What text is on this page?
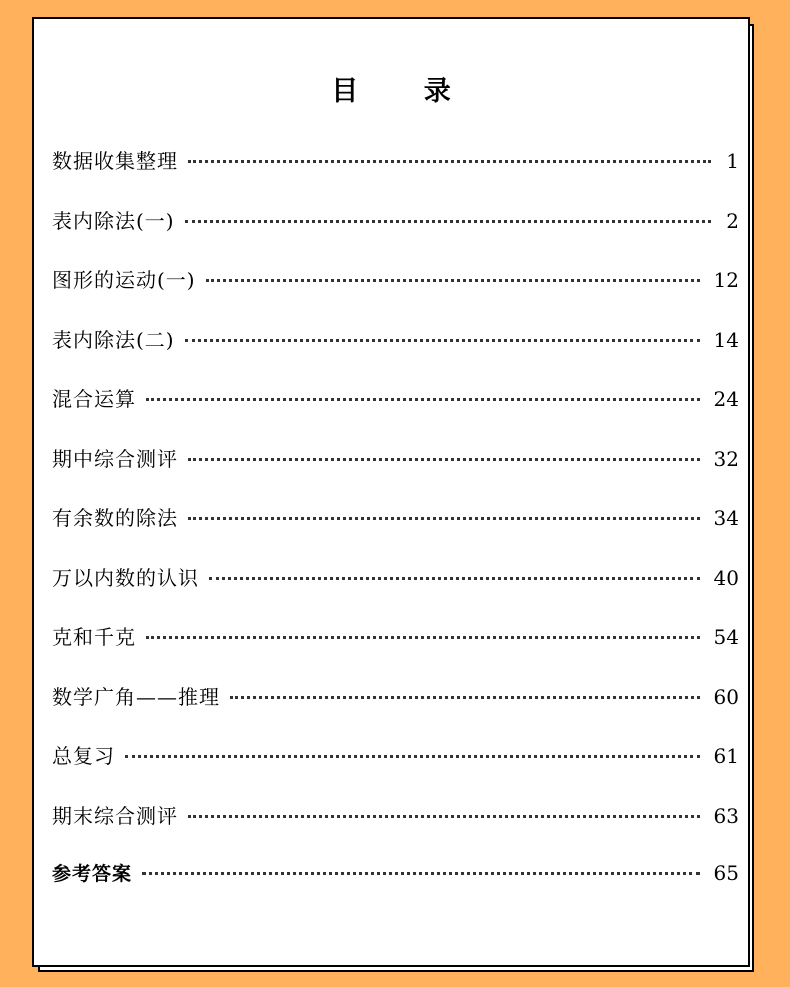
目 录
数据收集整理	1
表内除法(一)	2
图形的运动(一)	12
表内除法(二)	14
混合运算	24
期中综合测评	32
有余数的除法	34
万以内数的认识	40
克和千克	54
数学广角——推理	60
总复习	61
期末综合测评	63
参考答案	65
